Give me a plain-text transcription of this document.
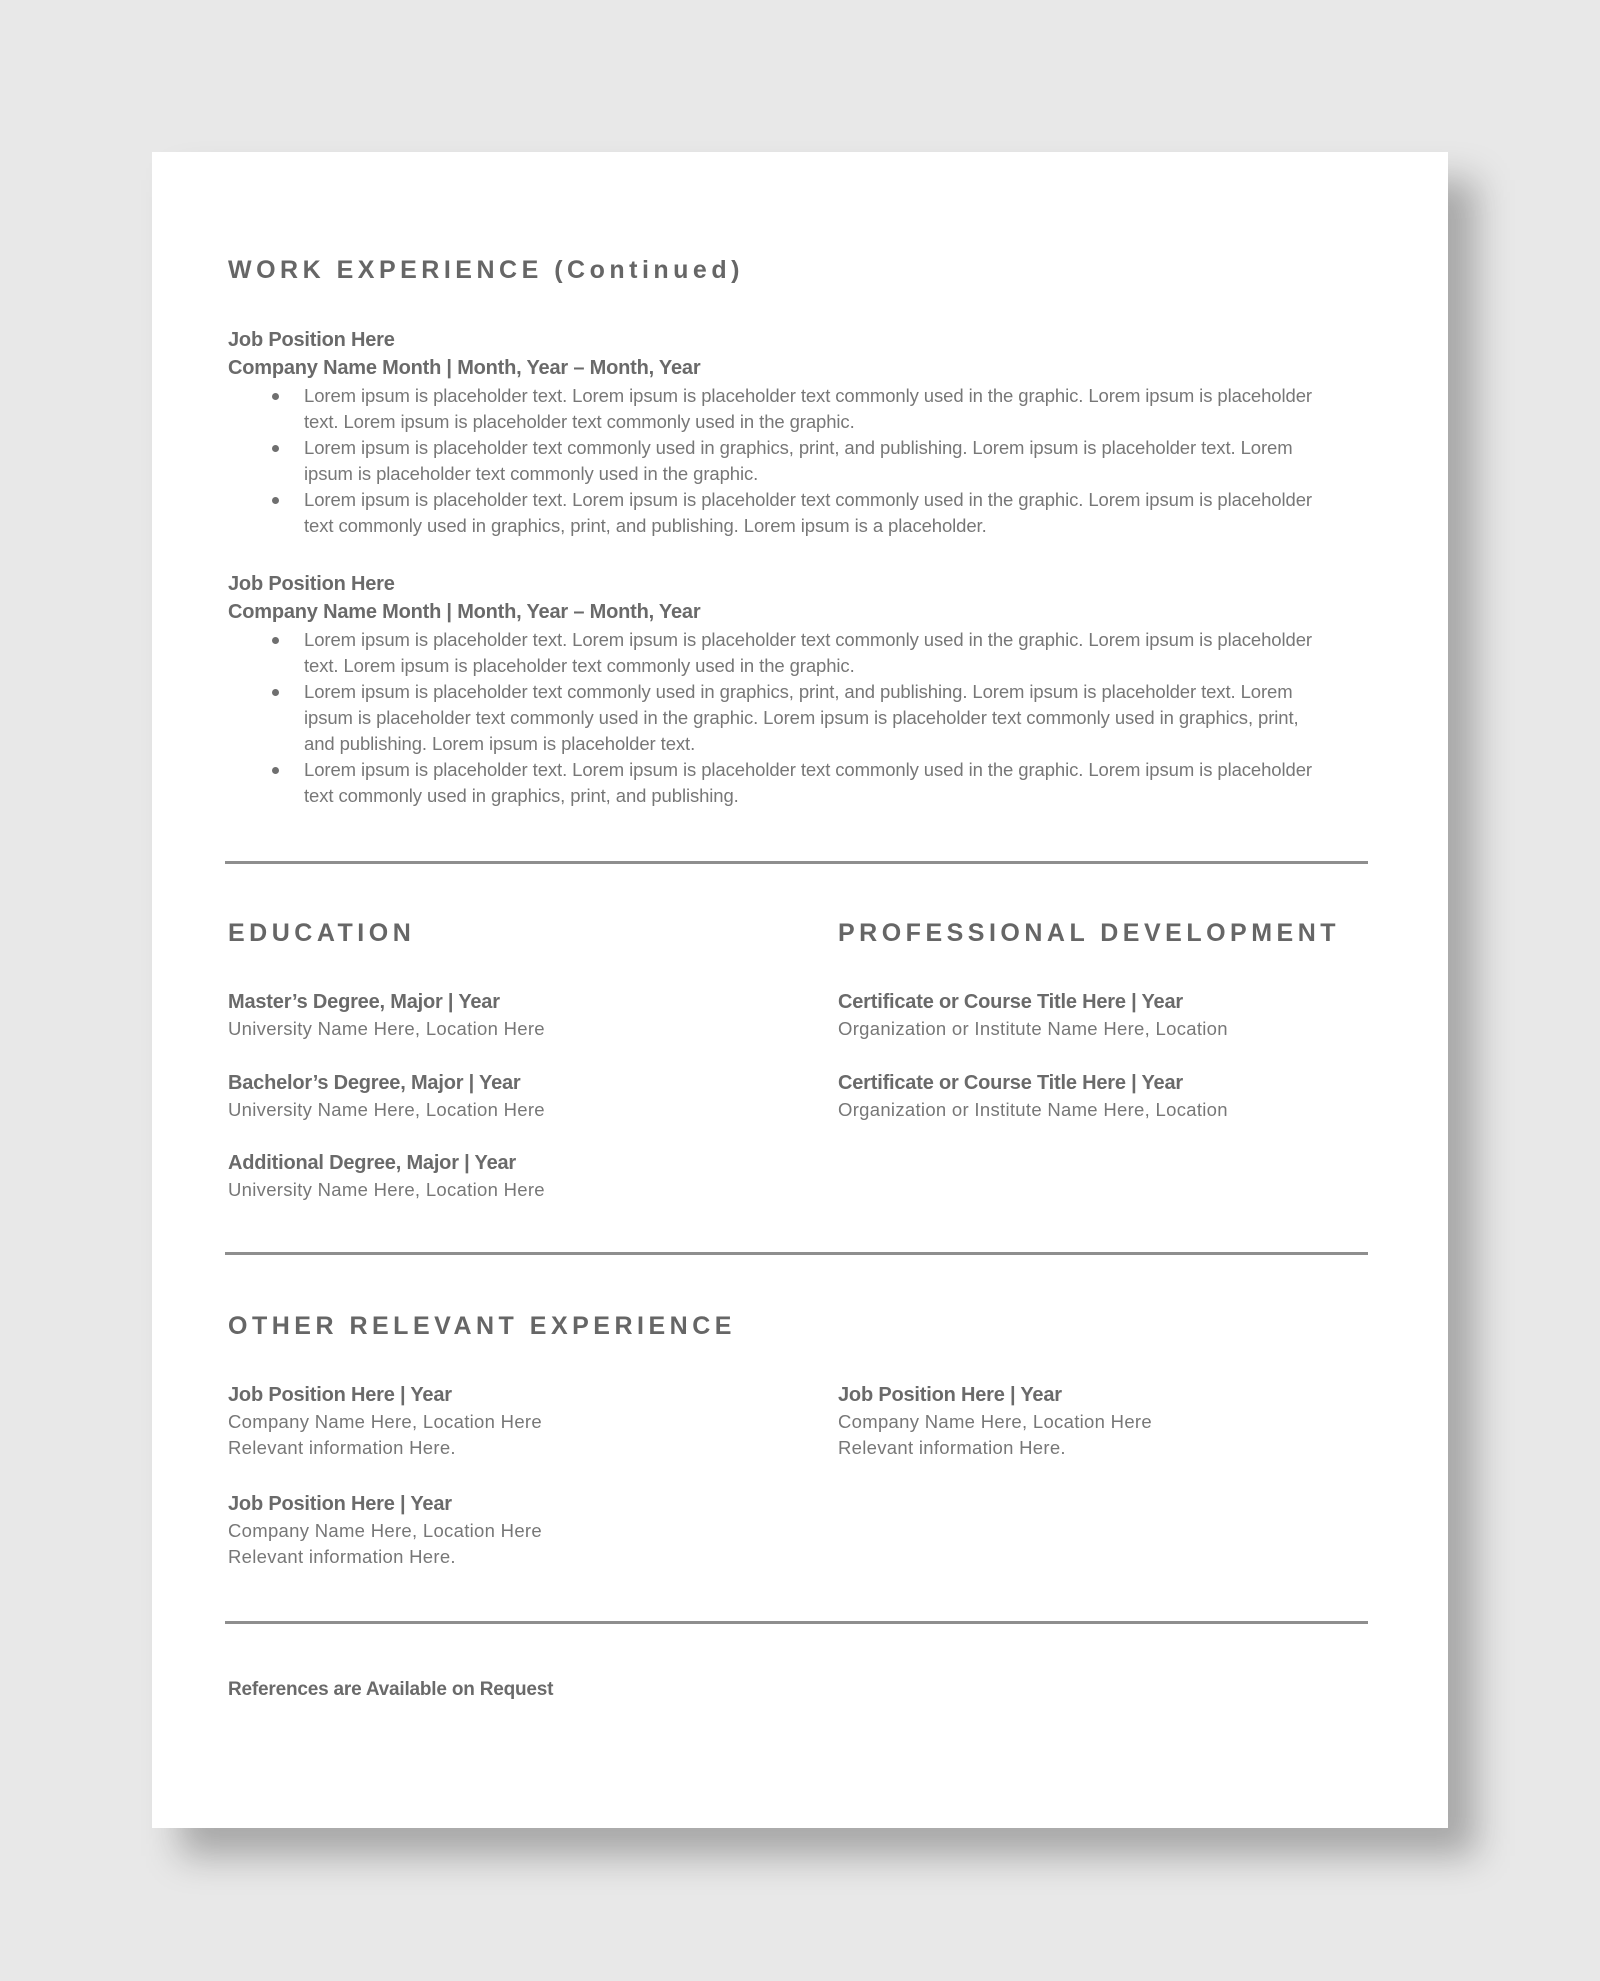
WORK EXPERIENCE (Continued)
Job Position Here
Company Name Month | Month, Year – Month, Year
Lorem ipsum is placeholder text. Lorem ipsum is placeholder text commonly used in the graphic. Lorem ipsum is placeholder text. Lorem ipsum is placeholder text commonly used in the graphic.
Lorem ipsum is placeholder text commonly used in graphics, print, and publishing. Lorem ipsum is placeholder text. Lorem ipsum is placeholder text commonly used in the graphic.
Lorem ipsum is placeholder text. Lorem ipsum is placeholder text commonly used in the graphic. Lorem ipsum is placeholder text commonly used in graphics, print, and publishing. Lorem ipsum is a placeholder.
Job Position Here
Company Name Month | Month, Year – Month, Year
Lorem ipsum is placeholder text. Lorem ipsum is placeholder text commonly used in the graphic. Lorem ipsum is placeholder text. Lorem ipsum is placeholder text commonly used in the graphic.
Lorem ipsum is placeholder text commonly used in graphics, print, and publishing. Lorem ipsum is placeholder text. Lorem ipsum is placeholder text commonly used in the graphic. Lorem ipsum is placeholder text commonly used in graphics, print, and publishing. Lorem ipsum is placeholder text.
Lorem ipsum is placeholder text. Lorem ipsum is placeholder text commonly used in the graphic. Lorem ipsum is placeholder text commonly used in graphics, print, and publishing.
EDUCATION
Master’s Degree, Major | Year
University Name Here, Location Here
Bachelor’s Degree, Major | Year
University Name Here, Location Here
Additional Degree, Major | Year
University Name Here, Location Here
PROFESSIONAL DEVELOPMENT
Certificate or Course Title Here | Year
Organization or Institute Name Here, Location
Certificate or Course Title Here | Year
Organization or Institute Name Here, Location
OTHER RELEVANT EXPERIENCE
Job Position Here | Year
Company Name Here, Location Here
Relevant information Here.
Job Position Here | Year
Company Name Here, Location Here
Relevant information Here.
Job Position Here | Year
Company Name Here, Location Here
Relevant information Here.
References are Available on Request
